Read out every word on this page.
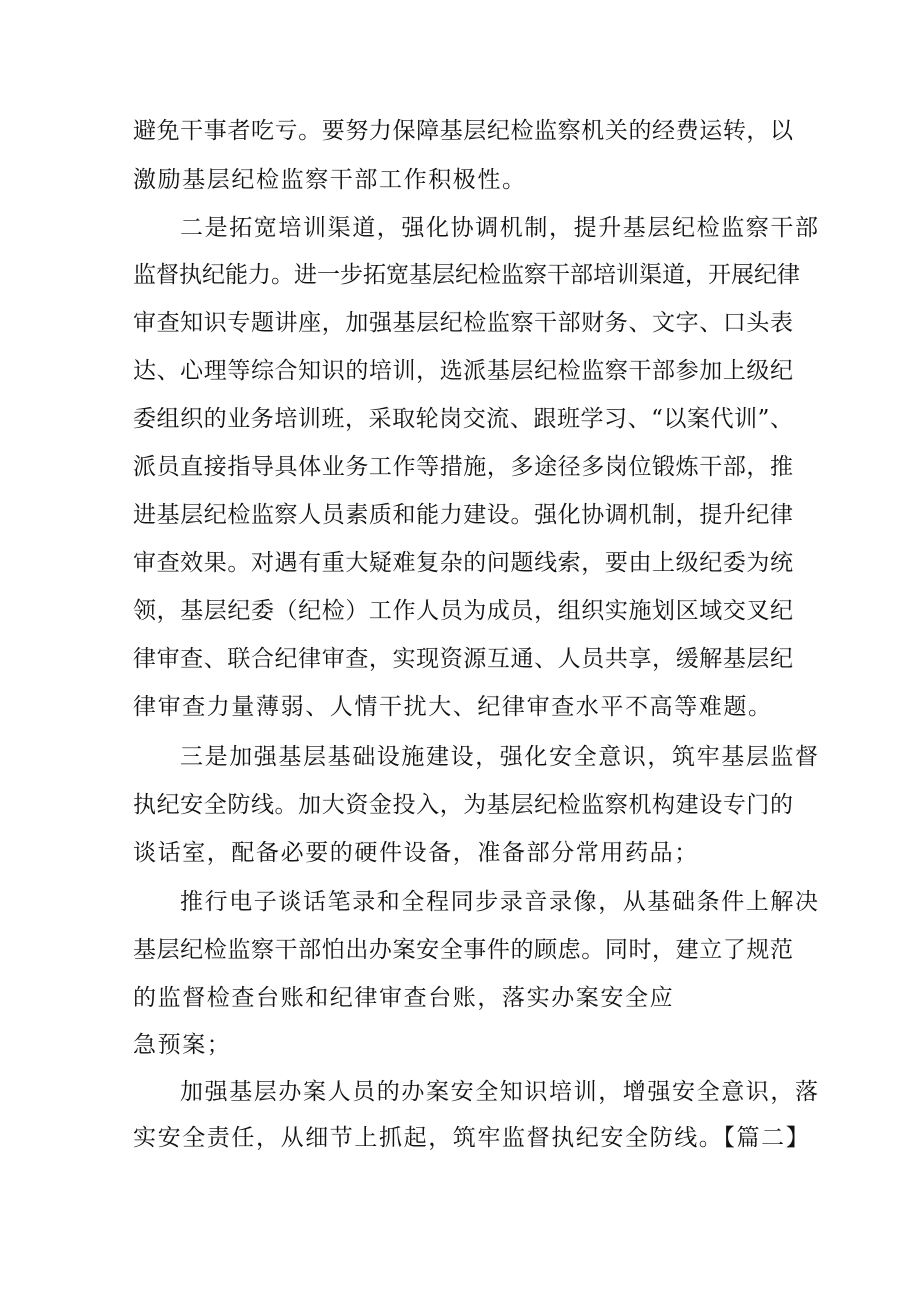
避免干事者吃亏。要努力保障基层纪检监察机关的经费运转，以
激励基层纪检监察干部工作积极性。
二是拓宽培训渠道，强化协调机制，提升基层纪检监察干部
监督执纪能力。进一步拓宽基层纪检监察干部培训渠道，开展纪律
审查知识专题讲座，加强基层纪检监察干部财务、文字、口头表
达、心理等综合知识的培训，选派基层纪检监察干部参加上级纪
委组织的业务培训班，采取轮岗交流、跟班学习、“以案代训”、
派员直接指导具体业务工作等措施，多途径多岗位锻炼干部，推
进基层纪检监察人员素质和能力建设。强化协调机制，提升纪律
审查效果。对遇有重大疑难复杂的问题线索，要由上级纪委为统
领，基层纪委（纪检）工作人员为成员，组织实施划区域交叉纪
律审查、联合纪律审查，实现资源互通、人员共享，缓解基层纪
律审查力量薄弱、人情干扰大、纪律审查水平不高等难题。
三是加强基层基础设施建设，强化安全意识，筑牢基层监督
执纪安全防线。加大资金投入，为基层纪检监察机构建设专门的
谈话室，配备必要的硬件设备，准备部分常用药品；
推行电子谈话笔录和全程同步录音录像，从基础条件上解决
基层纪检监察干部怕出办案安全事件的顾虑。同时，建立了规范
的监督检查台账和纪律审查台账，落实办案安全应
急预案；
加强基层办案人员的办案安全知识培训，增强安全意识，落
实安全责任，从细节上抓起，筑牢监督执纪安全防线。【篇二】
